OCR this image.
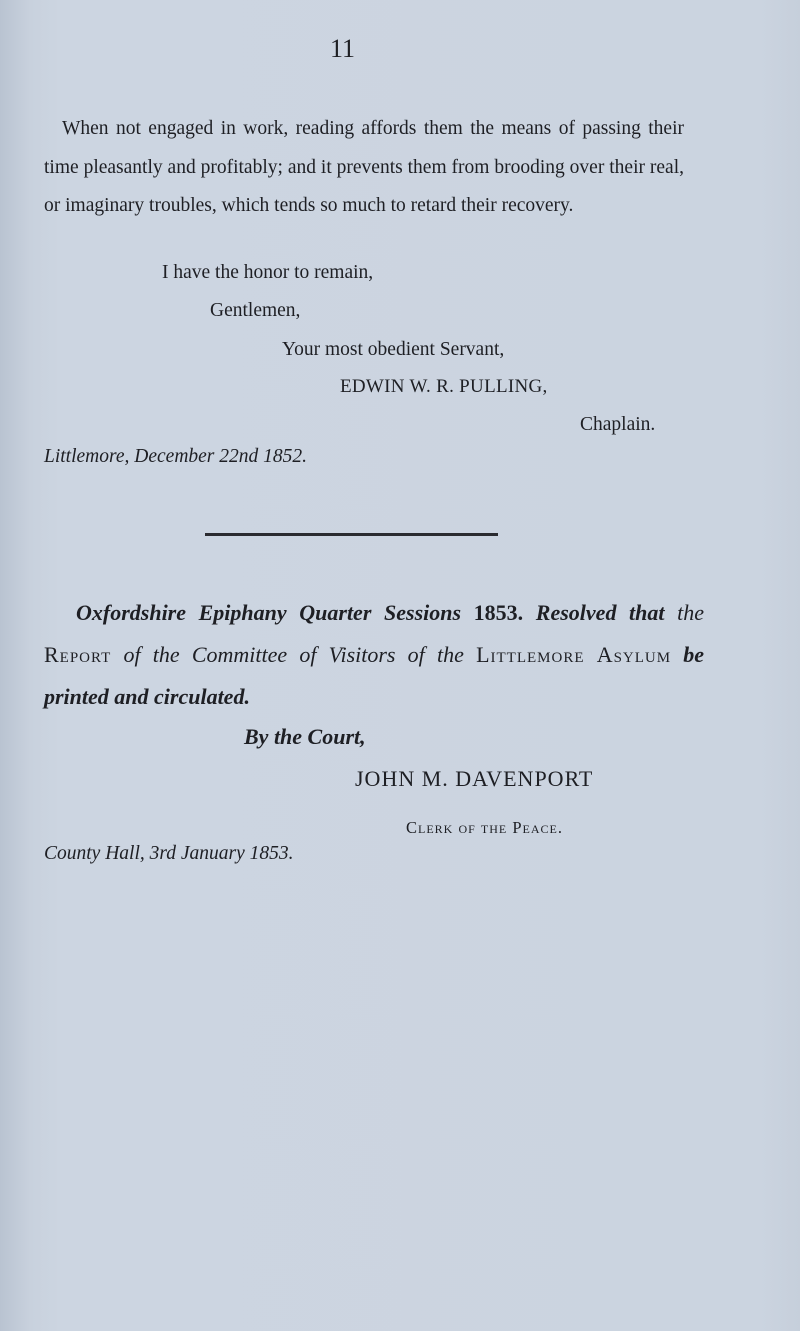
11
When not engaged in work, reading affords them the means of passing their time pleasantly and profitably; and it prevents them from brooding over their real, or imaginary troubles, which tends so much to retard their recovery.
I have the honor to remain,
Gentlemen,
Your most obedient Servant,
EDWIN W. R. PULLING,
Chaplain.
Littlemore, December 22nd 1852.
Oxfordshire Epiphany Quarter Sessions 1853. Resolved that the Report of the Committee of Visitors of the Littlemore Asylum be printed and circulated.
By the Court,
JOHN M. DAVENPORT
Clerk of the Peace.
County Hall, 3rd January 1853.
